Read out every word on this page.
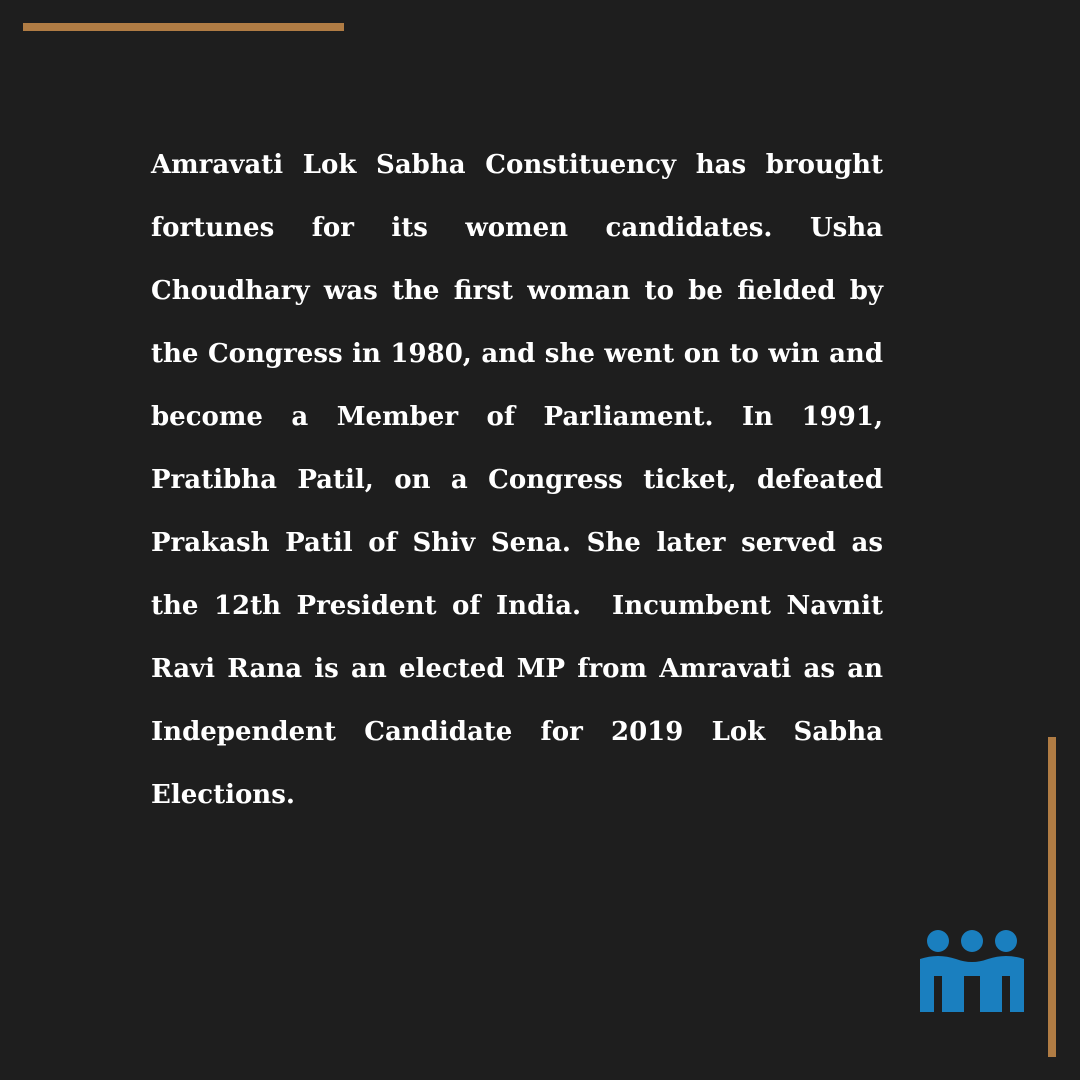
Amravati Lok Sabha Constituency has brought fortunes for its women candidates. Usha Choudhary was the first woman to be fielded by the Congress in 1980, and she went on to win and become a Member of Parliament. In 1991, Pratibha Patil, on a Congress ticket, defeated Prakash Patil of Shiv Sena. She later served as the 12th President of India.  Incumbent Navnit Ravi Rana is an elected MP from Amravati as an Independent Candidate for 2019 Lok Sabha Elections.
